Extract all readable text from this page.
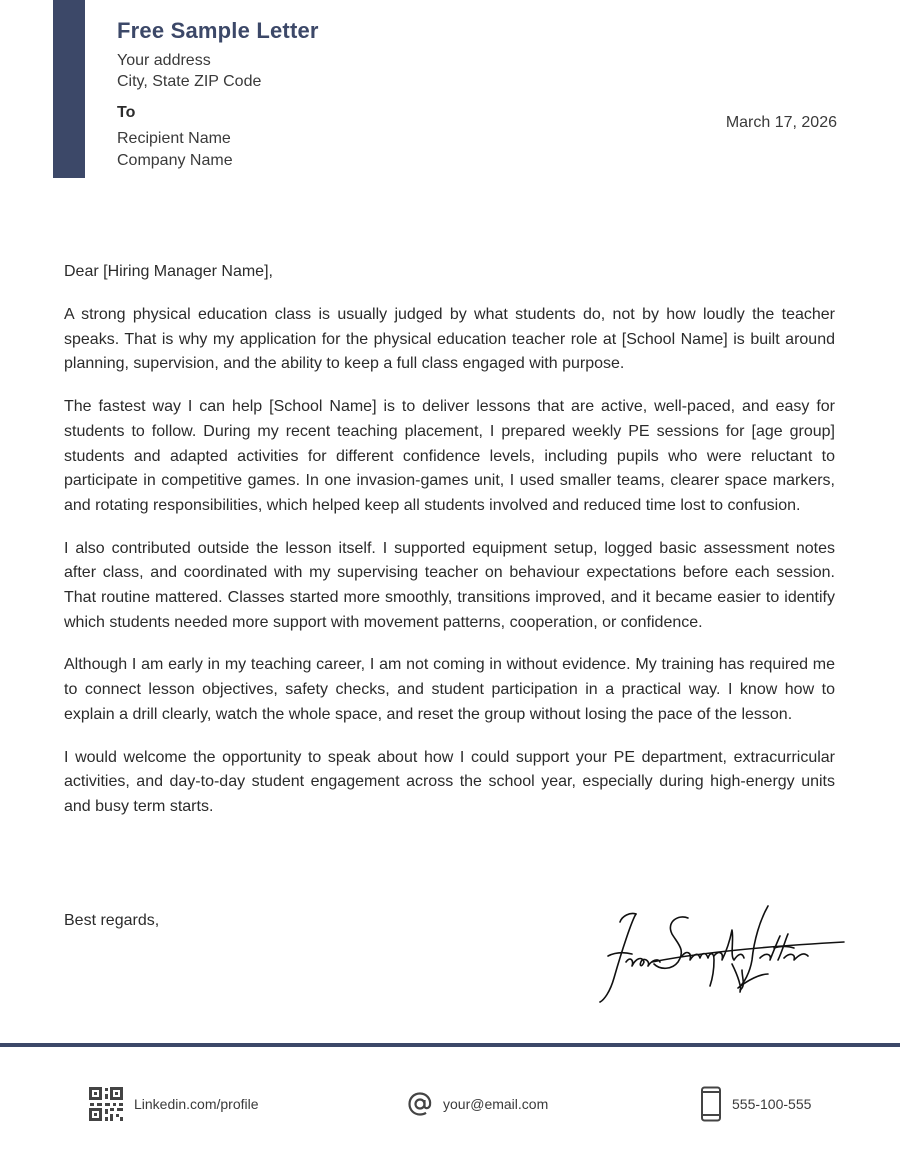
Free Sample Letter
Your address
City, State ZIP Code
To
Recipient Name
Company Name
March 17, 2026

Dear [Hiring Manager Name],

A strong physical education class is usually judged by what students do, not by how loudly the teacher speaks. That is why my application for the physical education teacher role at [School Name] is built around planning, supervision, and the ability to keep a full class engaged with purpose.

The fastest way I can help [School Name] is to deliver lessons that are active, well-paced, and easy for students to follow. During my recent teaching placement, I prepared weekly PE sessions for [age group] students and adapted activities for different confidence levels, including pupils who were reluctant to participate in competitive games. In one invasion-games unit, I used smaller teams, clearer space markers, and rotating responsibilities, which helped keep all students involved and reduced time lost to confusion.

I also contributed outside the lesson itself. I supported equipment setup, logged basic assessment notes after class, and coordinated with my supervising teacher on behaviour expectations before each session. That routine mattered. Classes started more smoothly, transitions improved, and it became easier to identify which students needed more support with movement patterns, cooperation, or confidence.

Although I am early in my teaching career, I am not coming in without evidence. My training has required me to connect lesson objectives, safety checks, and student participation in a practical way. I know how to explain a drill clearly, watch the whole space, and reset the group without losing the pace of the lesson.

I would welcome the opportunity to speak about how I could support your PE department, extracurricular activities, and day-to-day student engagement across the school year, especially during high-energy units and busy term starts.

Best regards,
Linkedin.com/profile	your@email.com	555-100-555
